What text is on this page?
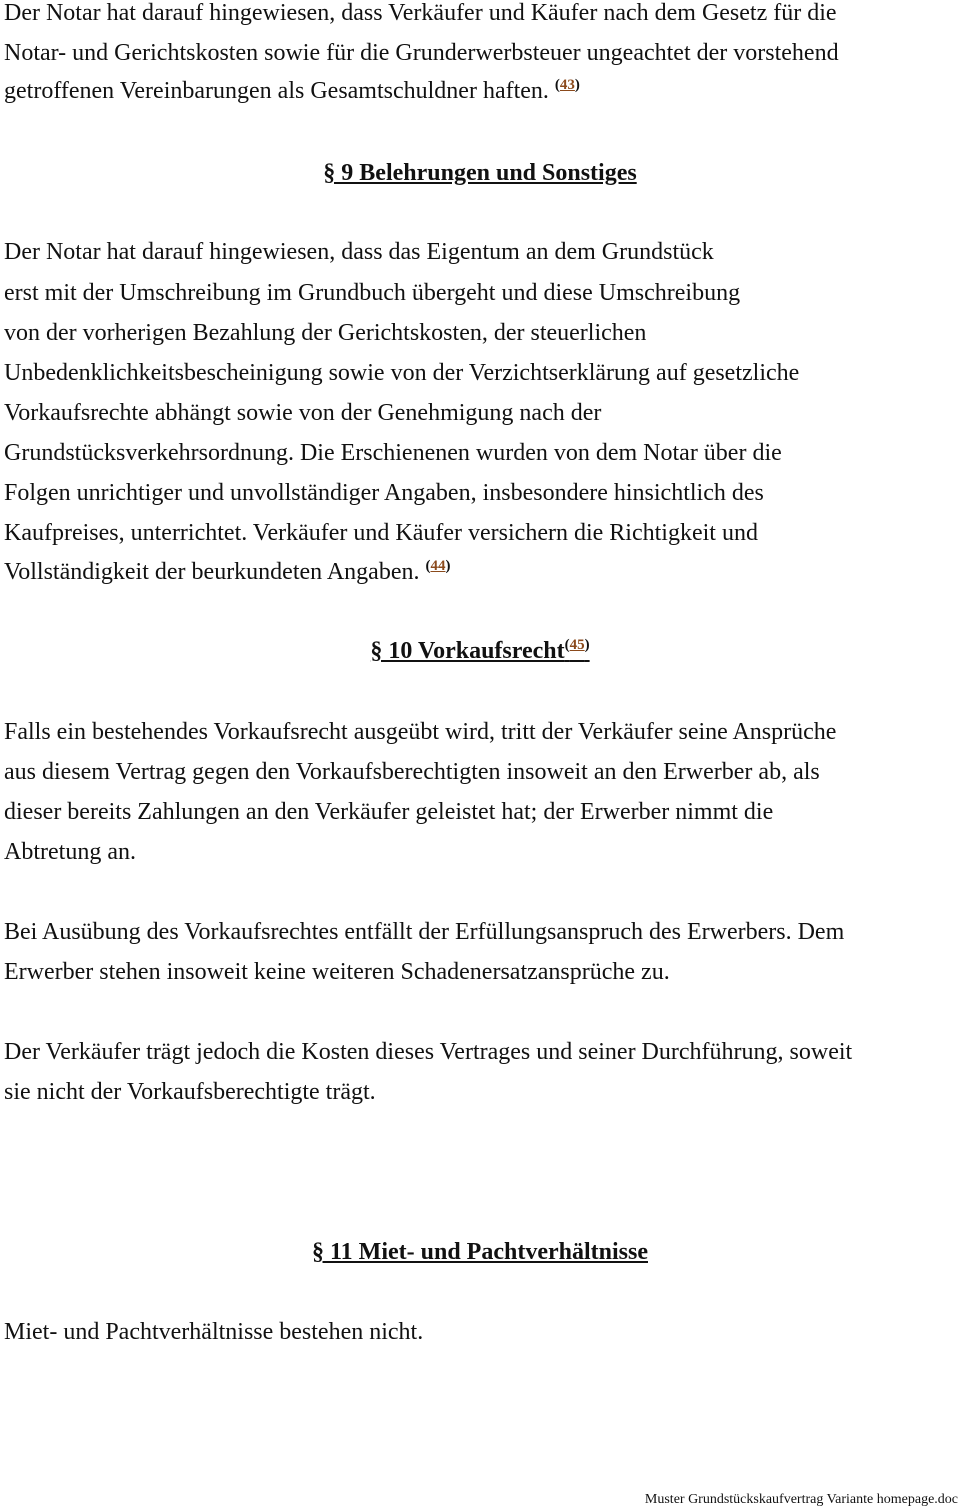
Der Notar hat darauf hingewiesen, dass Verkäufer und Käufer nach dem Gesetz für die
Notar- und Gerichtskosten sowie für die Grunderwerbsteuer ungeachtet der vorstehend
getroffenen Vereinbarungen als Gesamtschuldner haften. $^{(43)}$
§ 9 Belehrungen und Sonstiges
Der Notar hat darauf hingewiesen, dass das Eigentum an dem Grundstück
erst mit der Umschreibung im Grundbuch übergeht und diese Umschreibung
von der vorherigen Bezahlung der Gerichtskosten, der steuerlichen
Unbedenklichkeitsbescheinigung sowie von der Verzichtserklärung auf gesetzliche
Vorkaufsrechte abhängt sowie von der Genehmigung nach der
Grundstücksverkehrsordnung. Die Erschienenen wurden von dem Notar über die
Folgen unrichtiger und unvollständiger Angaben, insbesondere hinsichtlich des
Kaufpreises, unterrichtet. Verkäufer und Käufer versichern die Richtigkeit und
Vollständigkeit der beurkundeten Angaben. $^{(44)}$
§ 10 Vorkaufsrecht$^{(45)}$
Falls ein bestehendes Vorkaufsrecht ausgeübt wird, tritt der Verkäufer seine Ansprüche
aus diesem Vertrag gegen den Vorkaufsberechtigten insoweit an den Erwerber ab, als
dieser bereits Zahlungen an den Verkäufer geleistet hat; der Erwerber nimmt die
Abtretung an.
Bei Ausübung des Vorkaufsrechtes entfällt der Erfüllungsanspruch des Erwerbers. Dem
Erwerber stehen insoweit keine weiteren Schadenersatzansprüche zu.
Der Verkäufer trägt jedoch die Kosten dieses Vertrages und seiner Durchführung, soweit
sie nicht der Vorkaufsberechtigte trägt.
§ 11 Miet- und Pachtverhältnisse
Miet- und Pachtverhältnisse bestehen nicht.
Muster Grundstückskaufvertrag Variante homepage.doc
